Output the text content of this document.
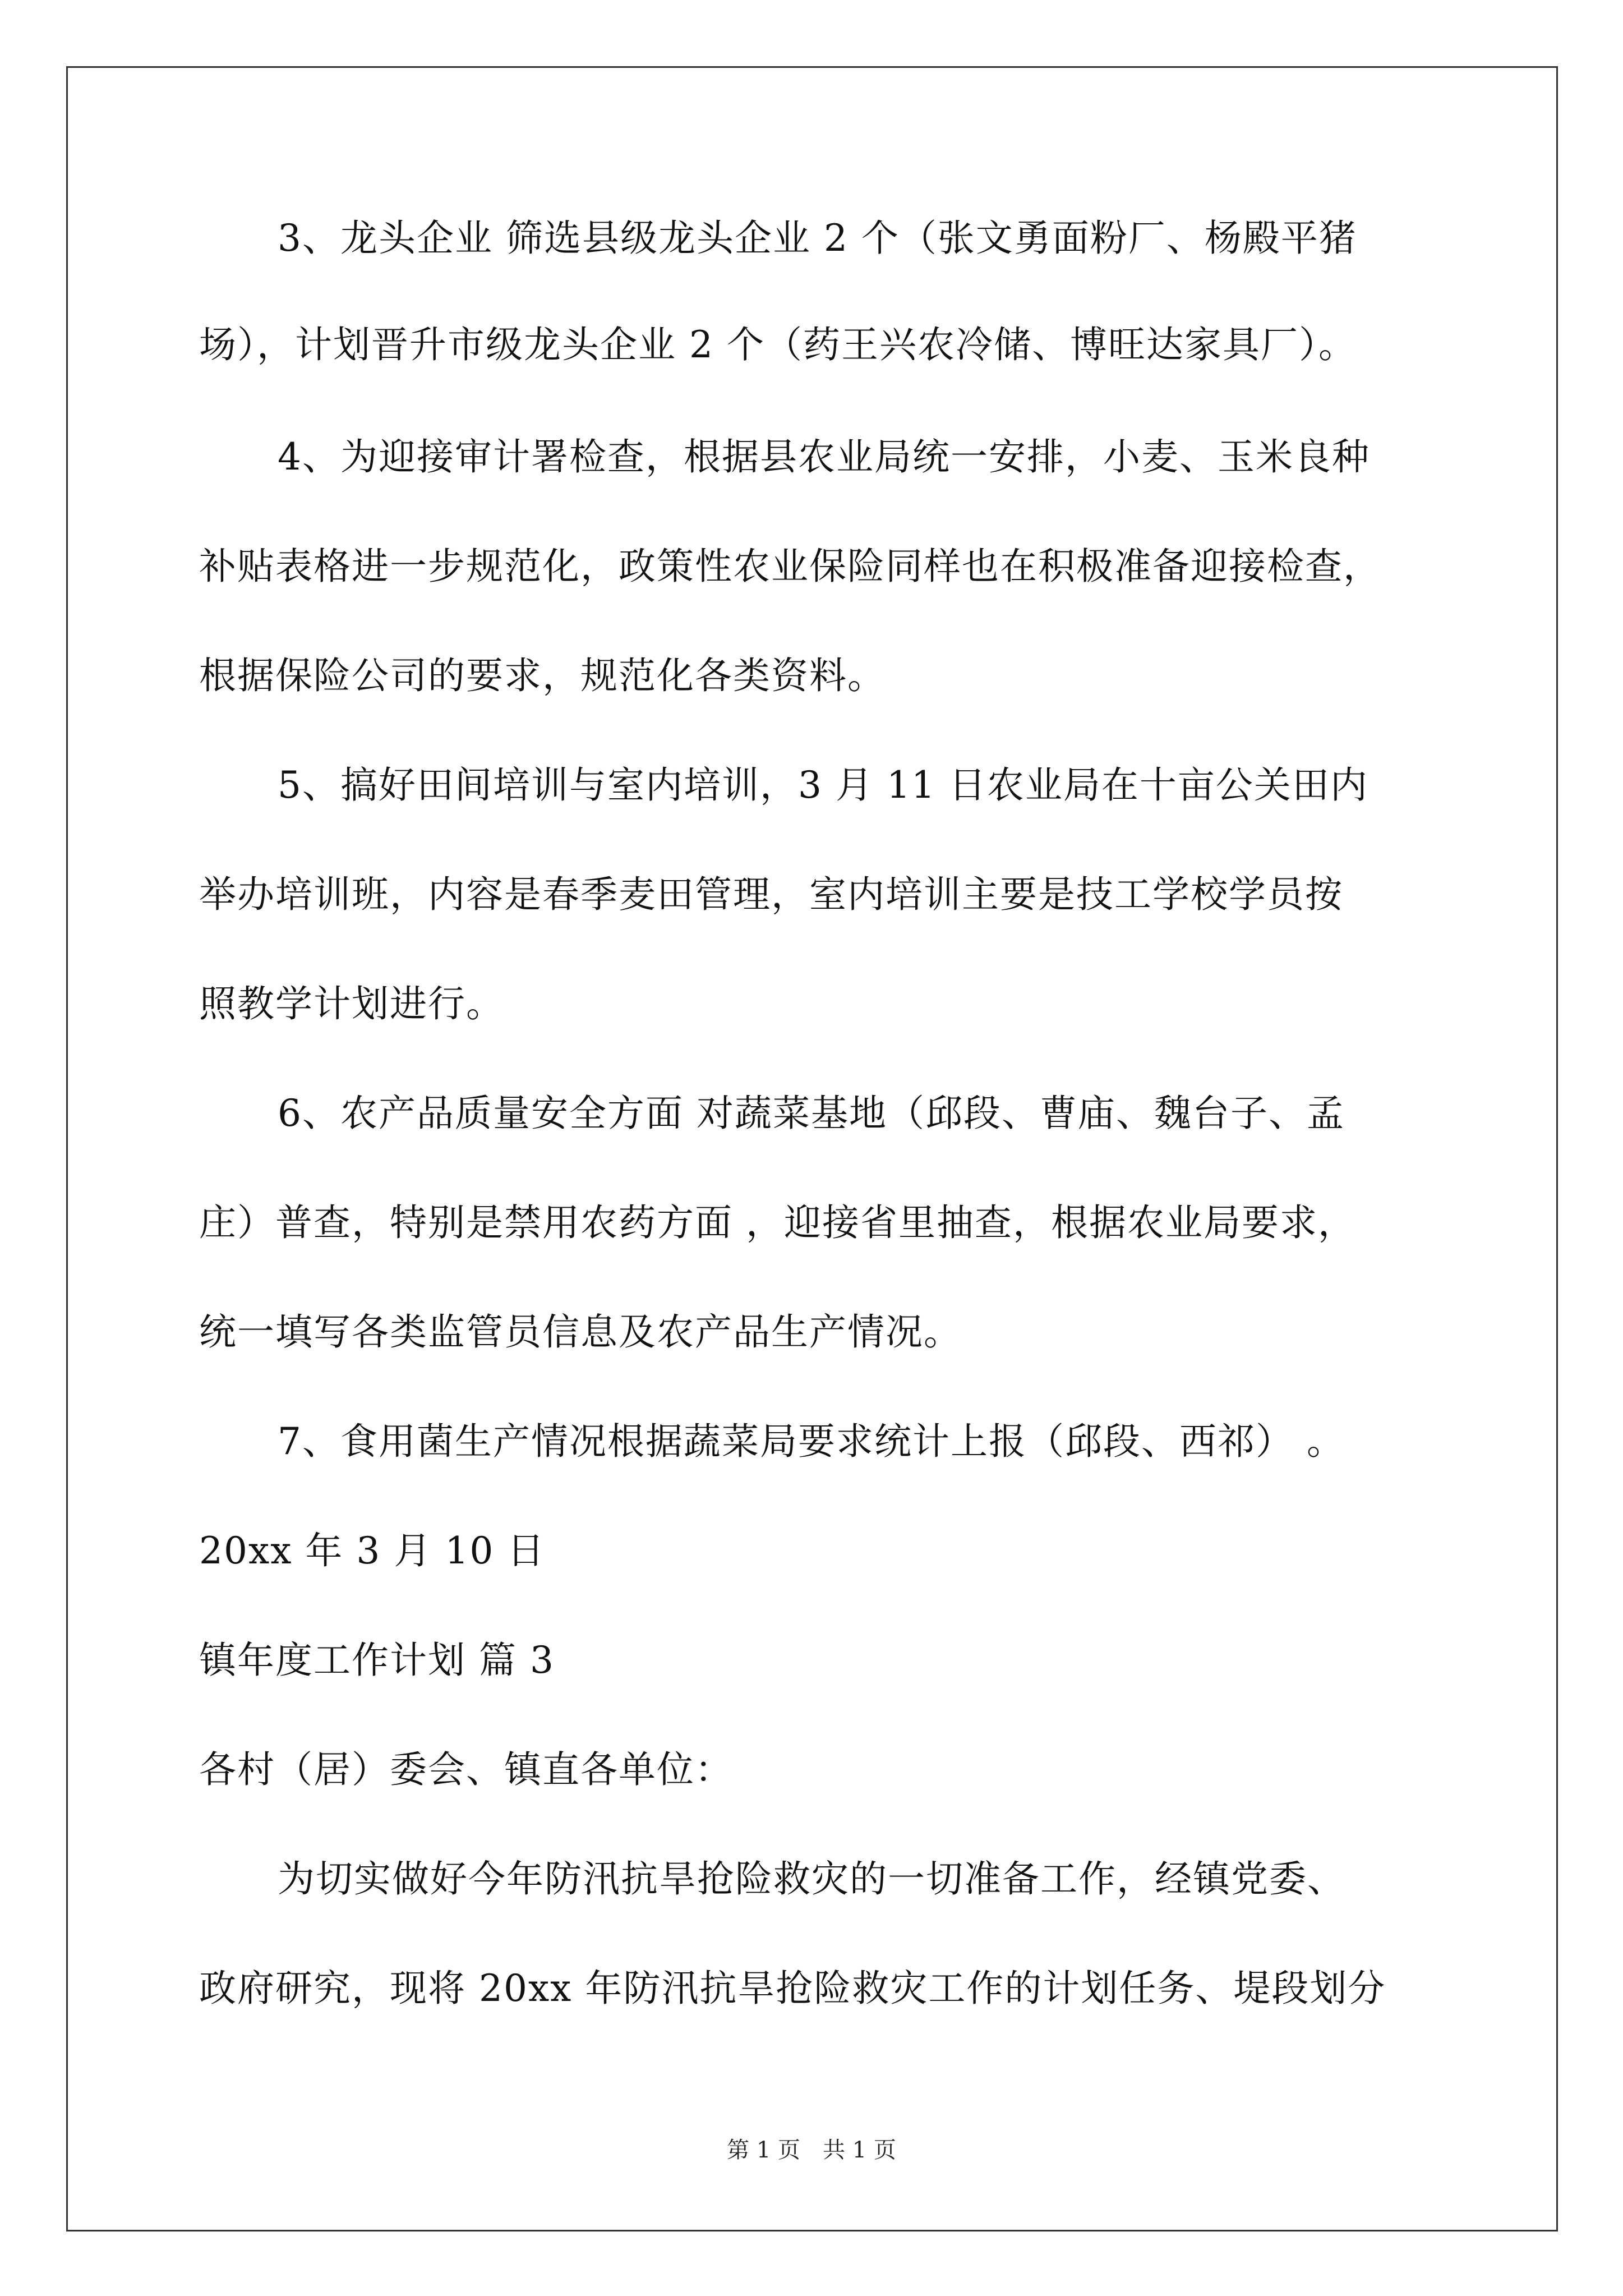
3、龙头企业 筛选县级龙头企业 2 个（张文勇面粉厂、杨殿平猪
场），计划晋升市级龙头企业 2 个（药王兴农冷储、博旺达家具厂）。
4、为迎接审计署检查，根据县农业局统一安排，小麦、玉米良种
补贴表格进一步规范化，政策性农业保险同样也在积极准备迎接检查，
根据保险公司的要求，规范化各类资料。
5、搞好田间培训与室内培训，3 月 11 日农业局在十亩公关田内
举办培训班，内容是春季麦田管理，室内培训主要是技工学校学员按
照教学计划进行。
6、农产品质量安全方面 对蔬菜基地（邱段、曹庙、魏台子、孟
庄）普查，特别是禁用农药方面 ，迎接省里抽查，根据农业局要求，
统一填写各类监管员信息及农产品生产情况。
7、食用菌生产情况根据蔬菜局要求统计上报（邱段、西祁） 。
20xx 年 3 月 10 日
镇年度工作计划 篇 3
各村（居）委会、镇直各单位：
为切实做好今年防汛抗旱抢险救灾的一切准备工作，经镇党委、
政府研究，现将 20xx 年防汛抗旱抢险救灾工作的计划任务、堤段划分
第 1 页　共 1 页
